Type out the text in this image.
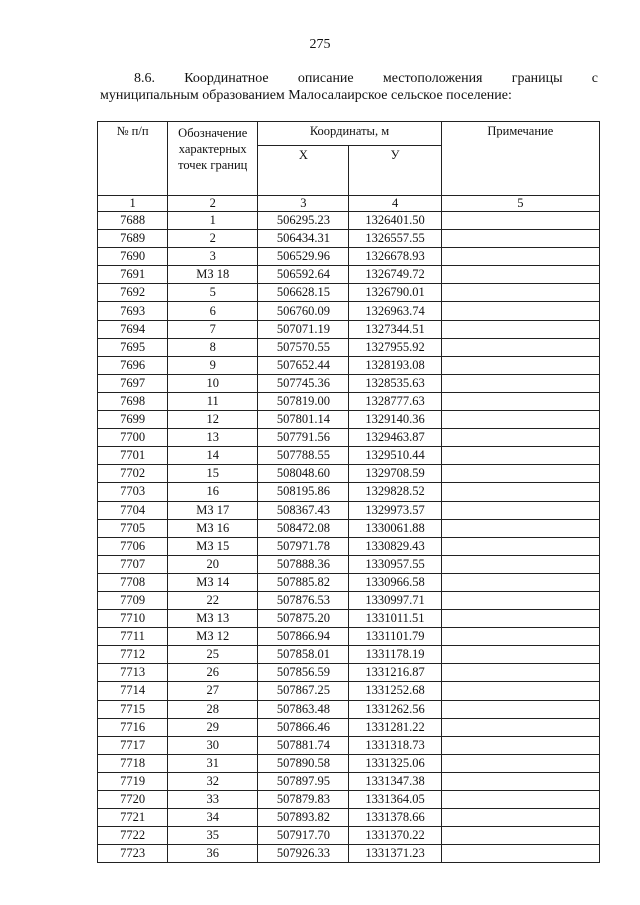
275
8.6. Координатное описание местоположения границы с
муниципальным образованием Малосалаирское сельское поселение:
№ п/п	Обозначение характерных точек границ	Координаты, м		Примечание
		X	У	
1	2	3	4	5
7688	1	506295.23	1326401.50	
7689	2	506434.31	1326557.55	
7690	3	506529.96	1326678.93	
7691	МЗ 18	506592.64	1326749.72	
7692	5	506628.15	1326790.01	
7693	6	506760.09	1326963.74	
7694	7	507071.19	1327344.51	
7695	8	507570.55	1327955.92	
7696	9	507652.44	1328193.08	
7697	10	507745.36	1328535.63	
7698	11	507819.00	1328777.63	
7699	12	507801.14	1329140.36	
7700	13	507791.56	1329463.87	
7701	14	507788.55	1329510.44	
7702	15	508048.60	1329708.59	
7703	16	508195.86	1329828.52	
7704	МЗ 17	508367.43	1329973.57	
7705	МЗ 16	508472.08	1330061.88	
7706	МЗ 15	507971.78	1330829.43	
7707	20	507888.36	1330957.55	
7708	МЗ 14	507885.82	1330966.58	
7709	22	507876.53	1330997.71	
7710	МЗ 13	507875.20	1331011.51	
7711	МЗ 12	507866.94	1331101.79	
7712	25	507858.01	1331178.19	
7713	26	507856.59	1331216.87	
7714	27	507867.25	1331252.68	
7715	28	507863.48	1331262.56	
7716	29	507866.46	1331281.22	
7717	30	507881.74	1331318.73	
7718	31	507890.58	1331325.06	
7719	32	507897.95	1331347.38	
7720	33	507879.83	1331364.05	
7721	34	507893.82	1331378.66	
7722	35	507917.70	1331370.22	
7723	36	507926.33	1331371.23	
